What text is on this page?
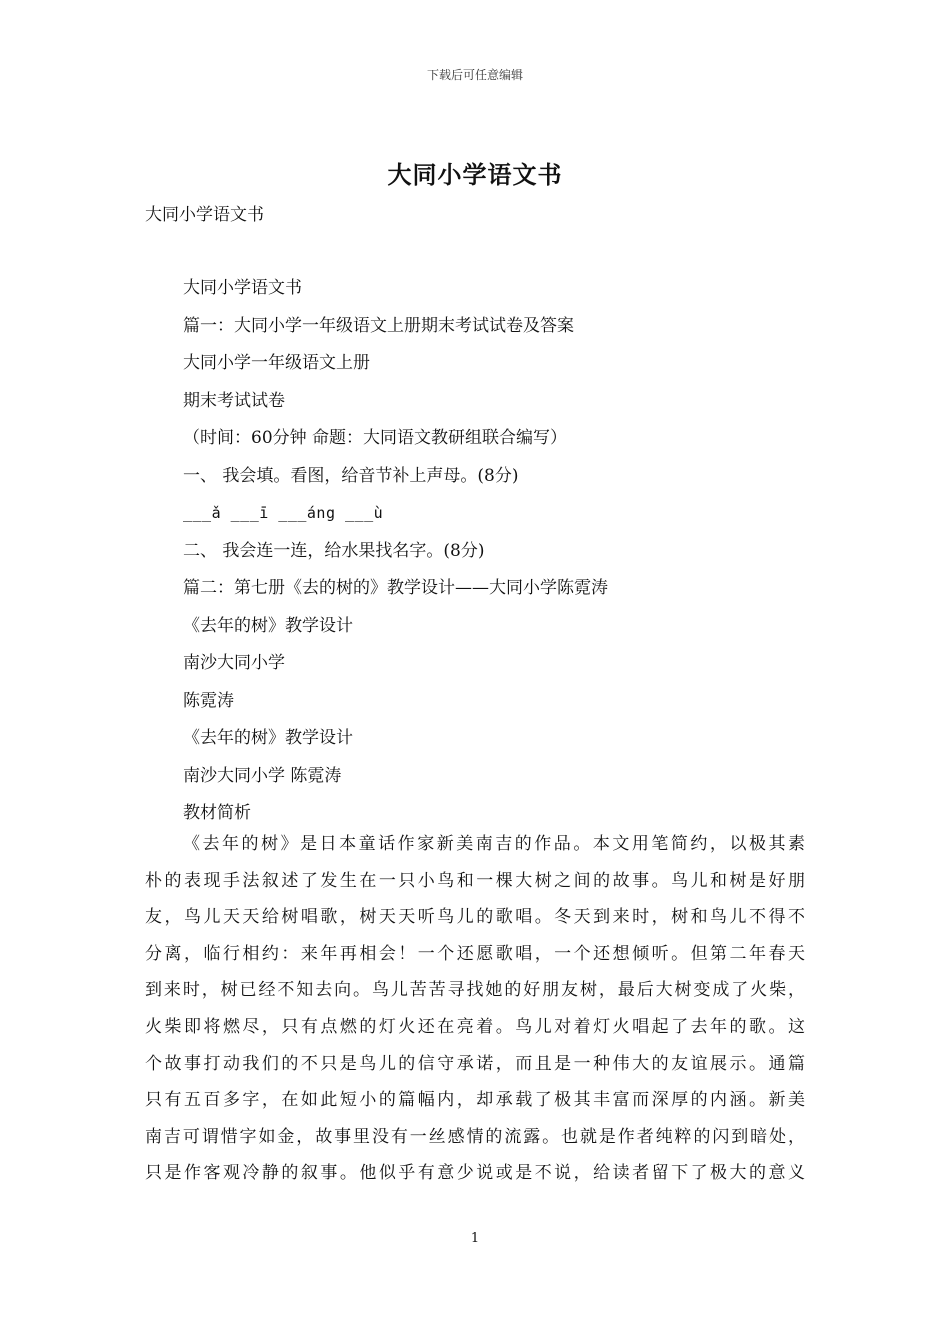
下载后可任意编辑
大同小学语文书
大同小学语文书
大同小学语文书
篇一：大同小学一年级语文上册期末考试试卷及答案
大同小学一年级语文上册
期末考试试卷
（时间：60分钟 命题：大同语文教研组联合编写）
一、 我会填。看图，给音节补上声母。(8分)
___ǎ ___ī ___áng ___ù
二、 我会连一连，给水果找名字。(8分)
篇二：第七册《去的树的》教学设计——大同小学陈霓涛
《去年的树》教学设计
南沙大同小学
陈霓涛
《去年的树》教学设计
南沙大同小学 陈霓涛
教材简析
《去年的树》是日本童话作家新美南吉的作品。本文用笔简约，以极其素
朴的表现手法叙述了发生在一只小鸟和一棵大树之间的故事。鸟儿和树是好朋
友，鸟儿天天给树唱歌，树天天听鸟儿的歌唱。冬天到来时，树和鸟儿不得不
分离，临行相约：来年再相会！一个还愿歌唱，一个还想倾听。但第二年春天
到来时，树已经不知去向。鸟儿苦苦寻找她的好朋友树，最后大树变成了火柴，
火柴即将燃尽，只有点燃的灯火还在亮着。鸟儿对着灯火唱起了去年的歌。这
个故事打动我们的不只是鸟儿的信守承诺，而且是一种伟大的友谊展示。通篇
只有五百多字，在如此短小的篇幅内，却承载了极其丰富而深厚的内涵。新美
南吉可谓惜字如金，故事里没有一丝感情的流露。也就是作者纯粹的闪到暗处，
只是作客观冷静的叙事。他似乎有意少说或是不说，给读者留下了极大的意义
1
